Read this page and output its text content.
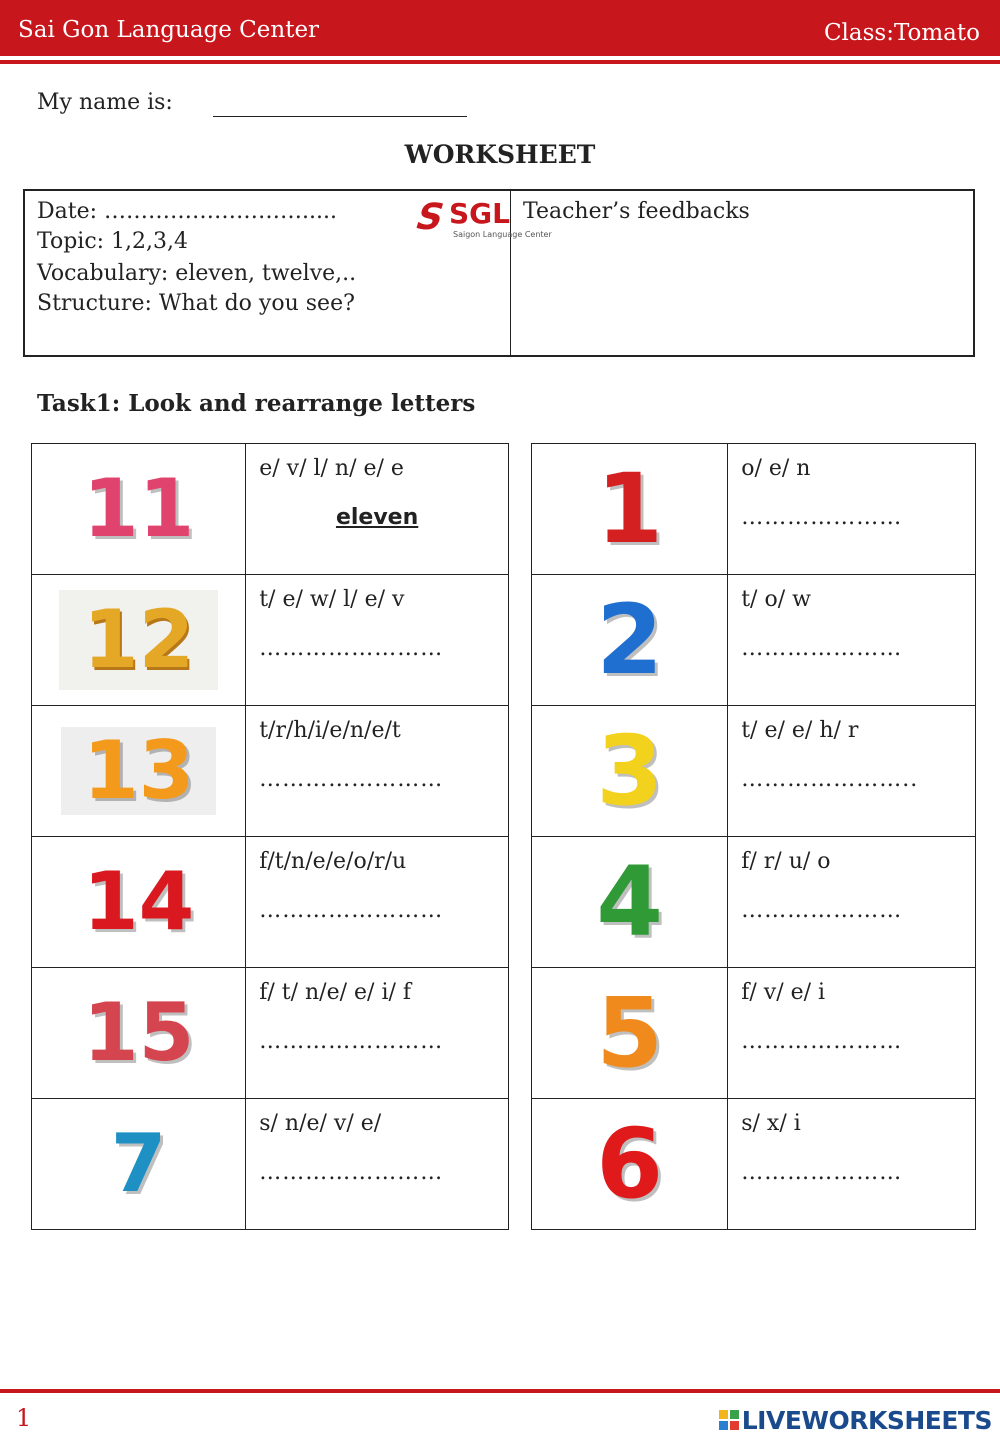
Sai Gon Language Center	Class:Tomato
My name is:
WORKSHEET
Date: ……………………….....
Topic: 1,2,3,4
Vocabulary: eleven, twelve,..
Structure: What do you see?
S SGL
Saigon Language Center
Teacher’s feedbacks
Task1: Look and rearrange letters
11	e/ v/ l/ n/ e/ e
eleven

12	t/ e/ w/ l/ e/ v
……………………

13	t/r/h/i/e/n/e/t
……………………

14	f/t/n/e/e/o/r/u
……………………

15	f/ t/ n/e/ e/ i/ f
……………………

7	s/ n/e/ v/ e/
……………………
1	o/ e/ n
…………………

2	t/ o/ w
…………………

3	t/ e/ e/ h/ r
…………………..

4	f/ r/ u/ o
…………………

5	f/ v/ e/ i
…………………

6	s/ x/ i
…………………
1	LIVEWORKSHEETS
